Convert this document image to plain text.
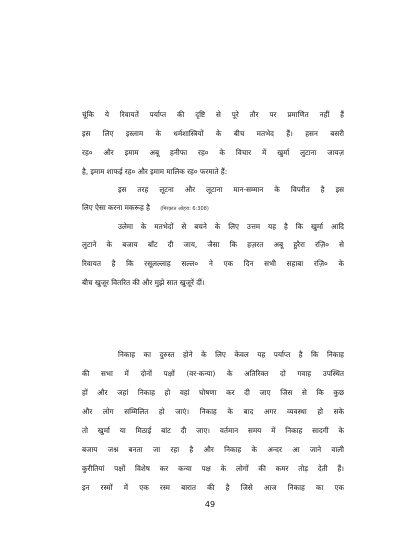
चूंकि ये रिवायतें पर्याप्त की दृष्टि से पूरे तौर पर प्रमाणित नहीं हैं
इस लिए इस्लाम के धर्मशास्त्रियों के बीच मतभेद हैं। हसन बसरी
रह० और इमाम अबू हनीफा रह० के विचार में खुर्मा लुटाना जायज़
है, इमाम शाफई रह० और इमाम मालिक रह० फरमाते हैं:
इस तरह लूटना और लूटाना मान-सम्मान के विपरीत है इस
लिए ऐसा करना मकरूह है (मिरक़ात ओहरा: 6:308)
उलेमा के मतभेदों से बचने के लिए उत्तम यह है कि खुर्मा आदि
लुटाने के बजाय बाँट दी जाय, जैसा कि हज़रत अबू हुरैरा रज़ि० से
रिवायत है कि रसूलल्लाह सल्ल० ने एक दिन सभी सहाबा रज़ि० के
बीच खुजूर वितरित की और मुझे सात खुजूरें दीं।
निकाह का दुरुस्त होने के लिए केवल यह पर्याप्त है कि निकाह
की सभा में दोनों पक्षों (वर-कन्या) के अतिरिक्त दो गवाह उपस्थित
हों और जहां निकाह हो वहां घोषणा कर दी जाए जिस से कि कुछ
और लोग सम्मिलित हो जाएं। निकाह के बाद अगर व्यवस्था हो सके
तो खुर्मा या मिठाई बांट दी जाए। वर्तमान समय में निकाह सादगी के
बजाय जश्न बनता जा रहा है और निकाह के अन्दर आ जाने वाली
कुरीतियां पक्षों विशेष कर कन्या पक्ष के लोगों की कमर तोड़ देती हैं।
इन रस्मों में एक रस्म बारात की है जिसे आज निकाह का एक
49
